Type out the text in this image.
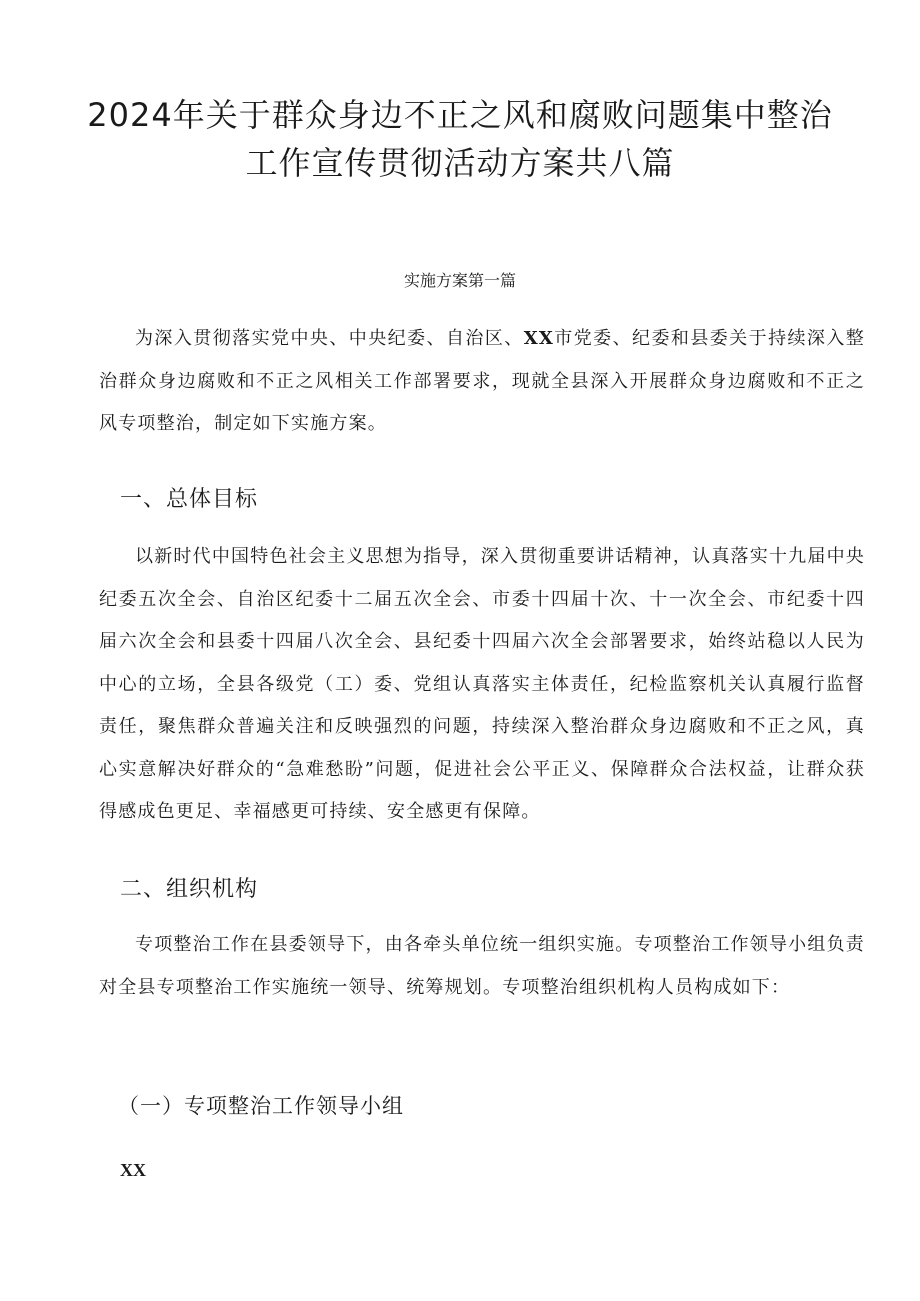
2024年关于群众身边不正之风和腐败问题集中整治
工作宣传贯彻活动方案共八篇

实施方案第一篇

为深入贯彻落实党中央、中央纪委、自治区、XX市党委、纪委和县委关于持续深入整治群众身边腐败和不正之风相关工作部署要求，现就全县深入开展群众身边腐败和不正之风专项整治，制定如下实施方案。

一、总体目标

以新时代中国特色社会主义思想为指导，深入贯彻重要讲话精神，认真落实十九届中央纪委五次全会、自治区纪委十二届五次全会、市委十四届十次、十一次全会、市纪委十四届六次全会和县委十四届八次全会、县纪委十四届六次全会部署要求，始终站稳以人民为中心的立场，全县各级党（工）委、党组认真落实主体责任，纪检监察机关认真履行监督责任，聚焦群众普遍关注和反映强烈的问题，持续深入整治群众身边腐败和不正之风，真心实意解决好群众的“急难愁盼”问题，促进社会公平正义、保障群众合法权益，让群众获得感成色更足、幸福感更可持续、安全感更有保障。

二、组织机构

专项整治工作在县委领导下，由各牵头单位统一组织实施。专项整治工作领导小组负责对全县专项整治工作实施统一领导、统筹规划。专项整治组织机构人员构成如下：

（一）专项整治工作领导小组

XX
